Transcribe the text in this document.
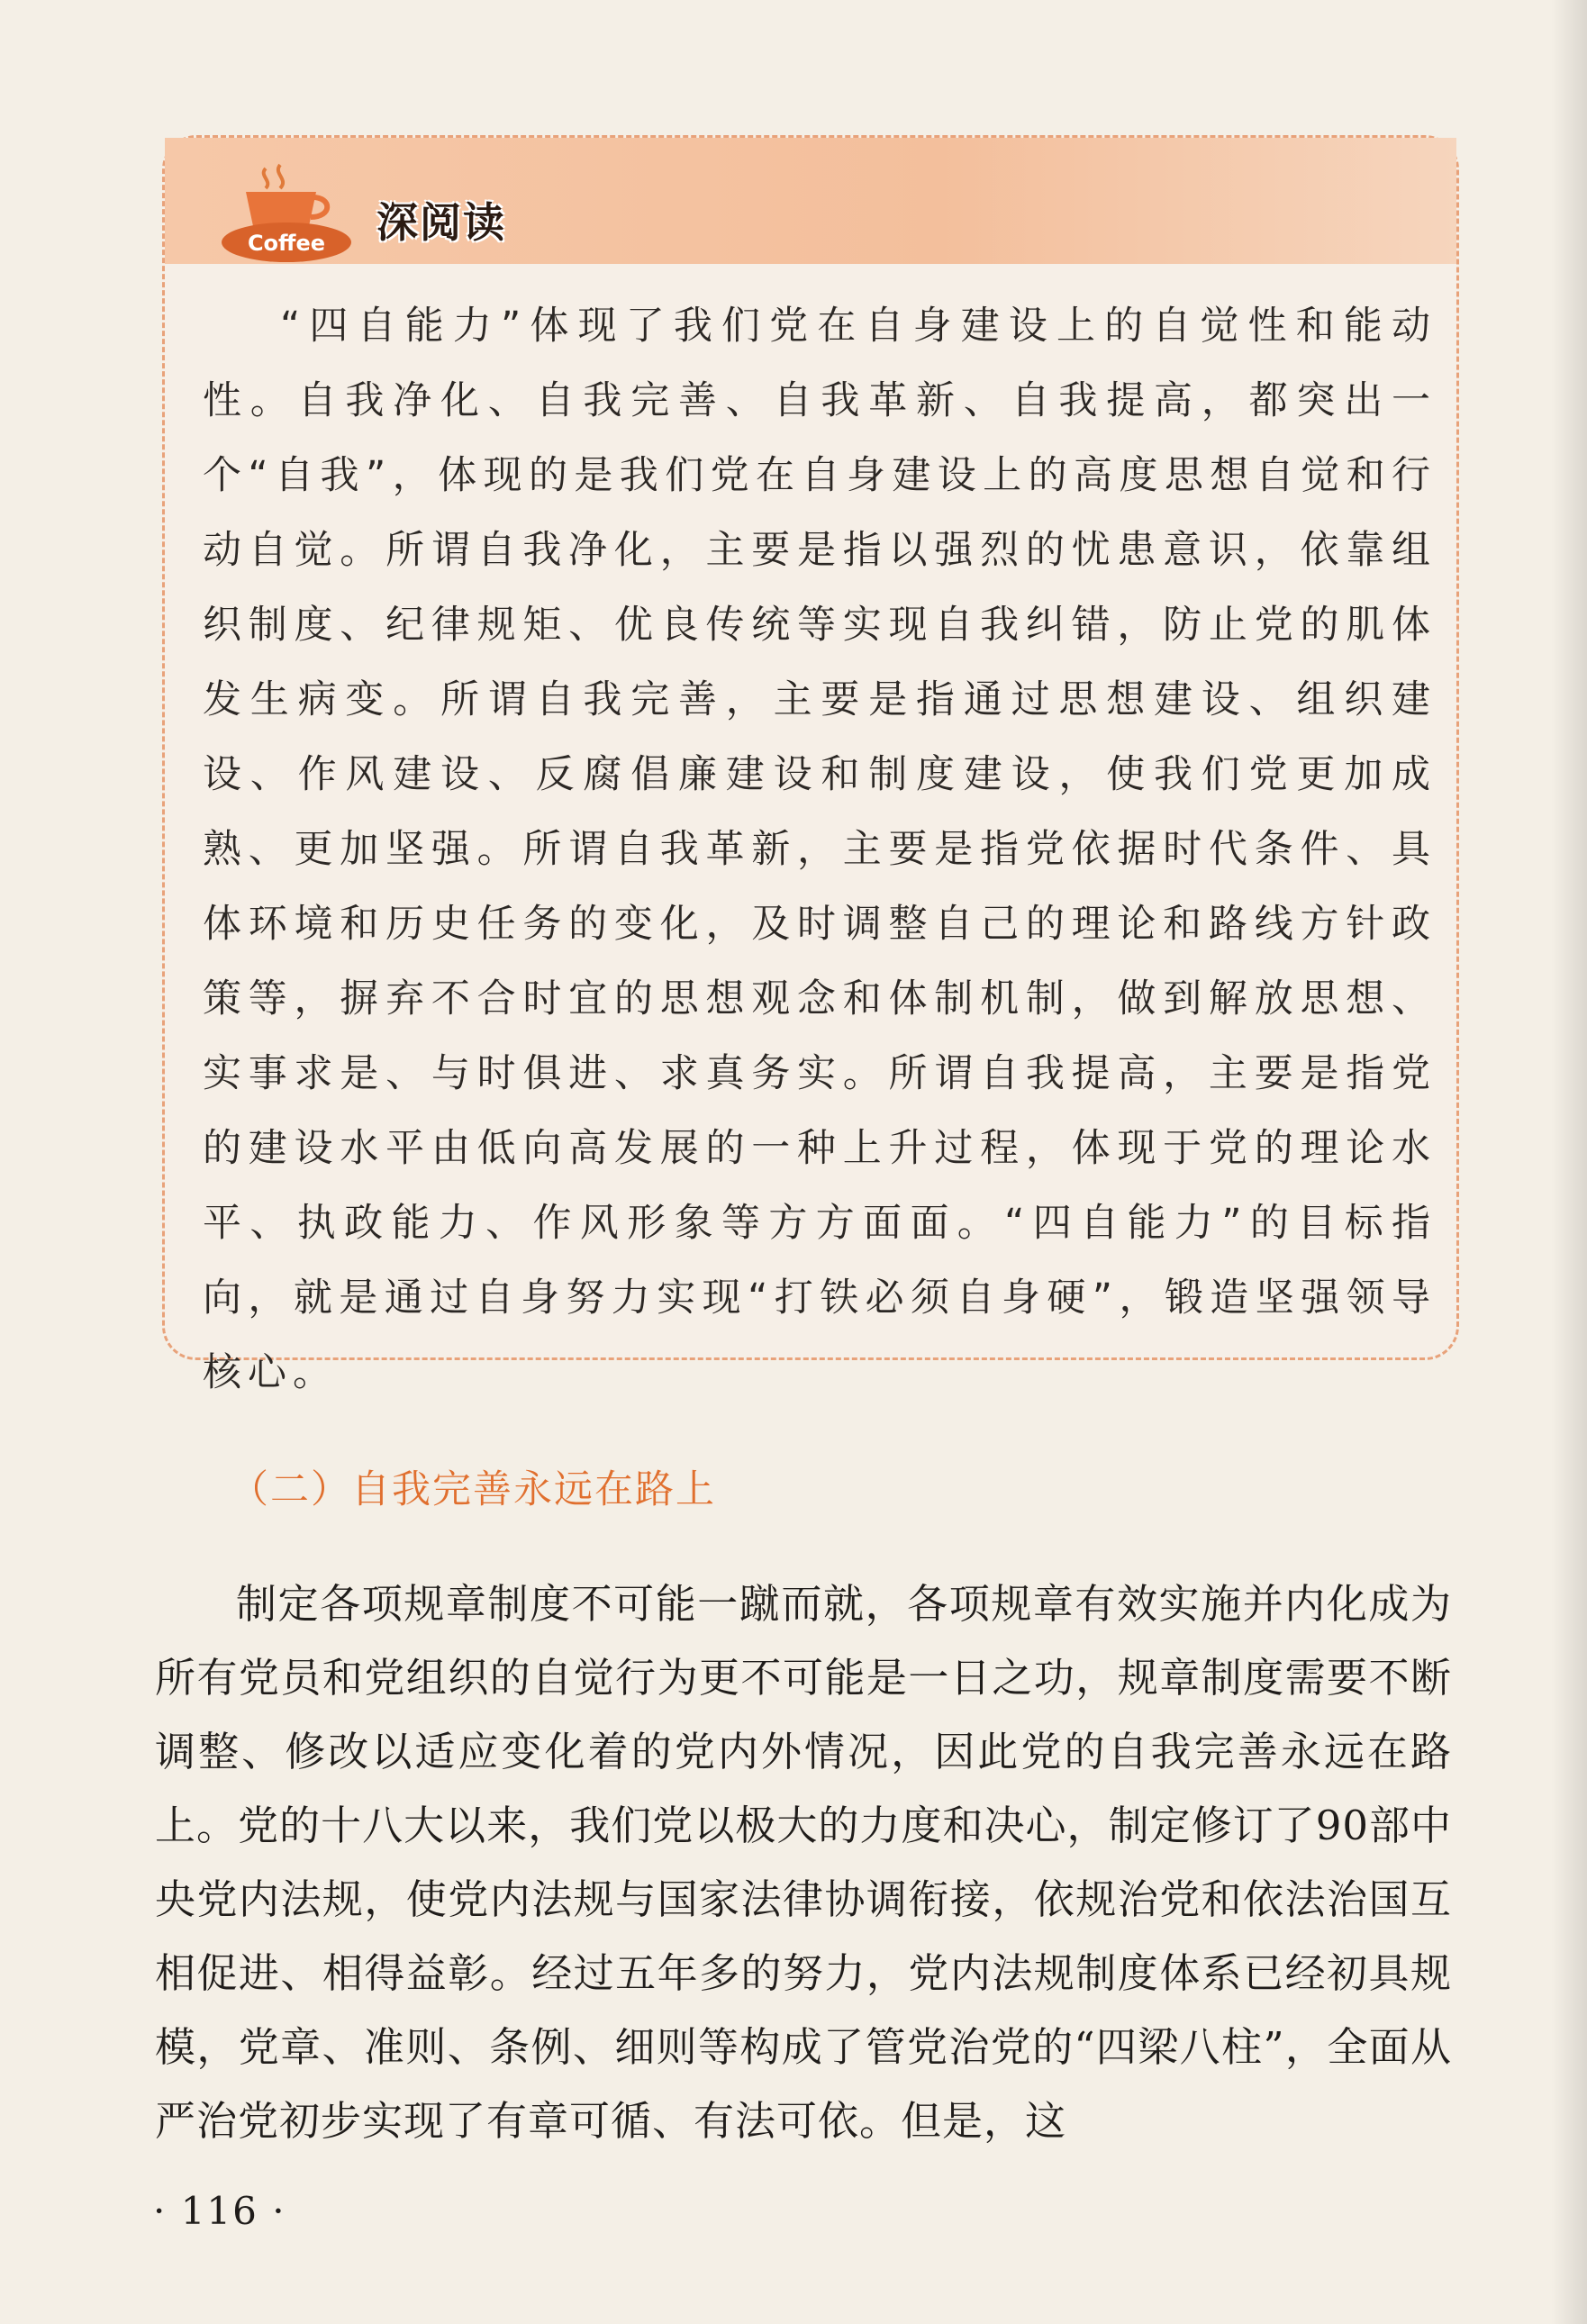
Coffee 深阅读

“四自能力”体现了我们党在自身建设上的自觉性和能动性。自我净化、自我完善、自我革新、自我提高，都突出一个“自我”，体现的是我们党在自身建设上的高度思想自觉和行动自觉。所谓自我净化，主要是指以强烈的忧患意识，依靠组织制度、纪律规矩、优良传统等实现自我纠错，防止党的肌体发生病变。所谓自我完善，主要是指通过思想建设、组织建设、作风建设、反腐倡廉建设和制度建设，使我们党更加成熟、更加坚强。所谓自我革新，主要是指党依据时代条件、具体环境和历史任务的变化，及时调整自己的理论和路线方针政策等，摒弃不合时宜的思想观念和体制机制，做到解放思想、实事求是、与时俱进、求真务实。所谓自我提高，主要是指党的建设水平由低向高发展的一种上升过程，体现于党的理论水平、执政能力、作风形象等方方面面。“四自能力”的目标指向，就是通过自身努力实现“打铁必须自身硬”，锻造坚强领导核心。

（二）自我完善永远在路上

制定各项规章制度不可能一蹴而就，各项规章有效实施并内化成为所有党员和党组织的自觉行为更不可能是一日之功，规章制度需要不断调整、修改以适应变化着的党内外情况，因此党的自我完善永远在路上。党的十八大以来，我们党以极大的力度和决心，制定修订了90部中央党内法规，使党内法规与国家法律协调衔接，依规治党和依法治国互相促进、相得益彰。经过五年多的努力，党内法规制度体系已经初具规模，党章、准则、条例、细则等构成了管党治党的“四梁八柱”，全面从严治党初步实现了有章可循、有法可依。但是，这

· 116 ·
